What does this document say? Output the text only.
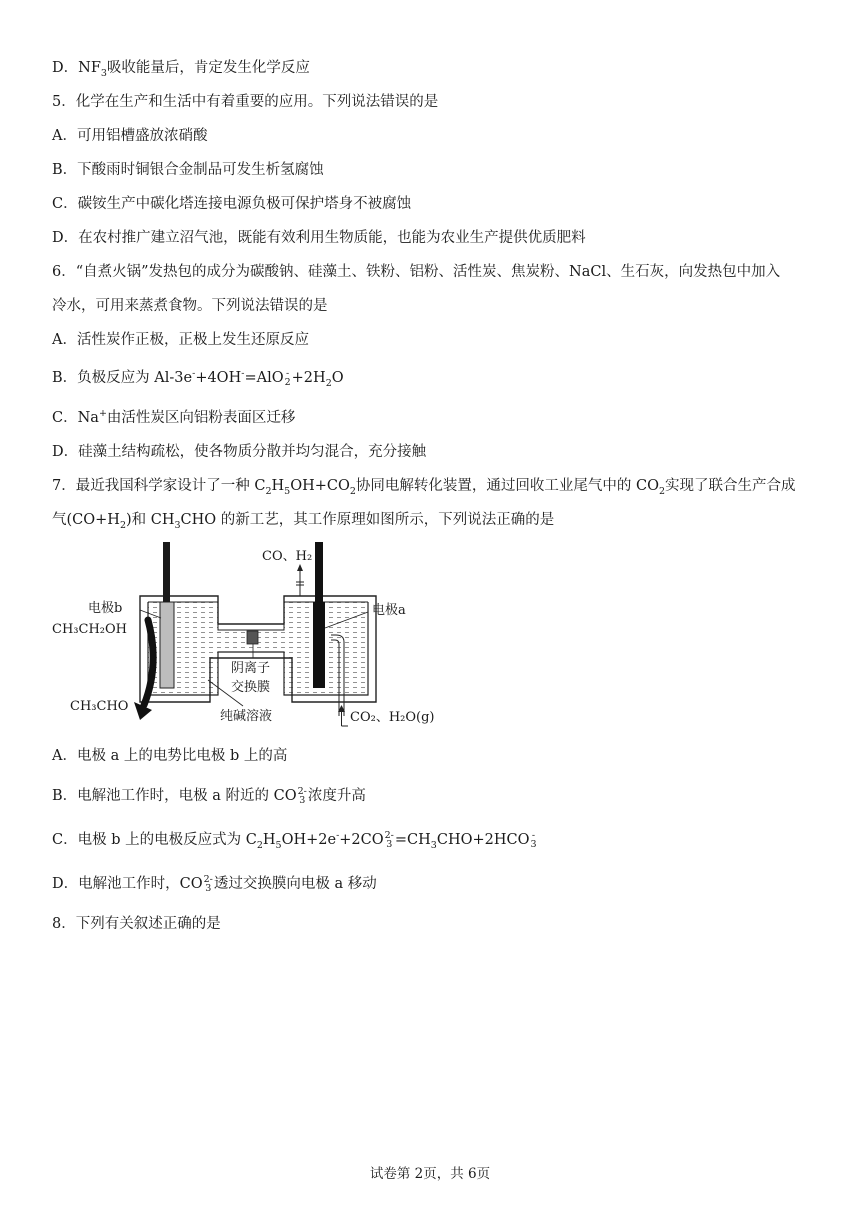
D．$NF_3$吸收能量后，肯定发生化学反应
5．化学在生产和生活中有着重要的应用。下列说法错误的是
A．可用铝槽盛放浓硝酸
B．下酸雨时铜银合金制品可发生析氢腐蚀
C．碳铵生产中碳化塔连接电源负极可保护塔身不被腐蚀
D．在农村推广建立沼气池，既能有效利用生物质能，也能为农业生产提供优质肥料
6．“自煮火锅”发热包的成分为碳酸钠、硅藻土、铁粉、铝粉、活性炭、焦炭粉、NaCl、生石灰，向发热包中加入
冷水，可用来蒸煮食物。下列说法错误的是
A．活性炭作正极，正极上发生还原反应
B．负极反应为 Al-3e-+4OH-=AlO -
$2 +2H_2O$
C．Na+由活性炭区向铝粉表面区迁移
D．硅藻土结构疏松，使各物质分散并均匀混合，充分接触
7．最近我国科学家设计了一种 $C_2H_5OH+CO_2$协同电解转化装置，通过回收工业尾气中的 $CO_2$实现了联合生产合成
气$(CO+H_2)$和 $CH_3CHO$ 的新工艺，其工作原理如图所示，下列说法正确的是
电极b
CH₃CH₂OH
CH₃CHO
CO、H₂
电极a
阴离子
交换膜
纯碱溶液	CO₂、H₂O(g)
A．电极 a 上的电势比电极 b 上的高
B．电解池工作时，电极 a 附近的 CO 2-
3 浓度升高
C．电极 b 上的电极反应式为 $C_2H_5OH+2e^-+2CO$ 2-
$3 =CH_3CHO+2HCO$ -
3
D．电解池工作时，CO 2-
3 透过交换膜向电极 a 移动
8．下列有关叙述正确的是
试卷第 2页，共 6页
